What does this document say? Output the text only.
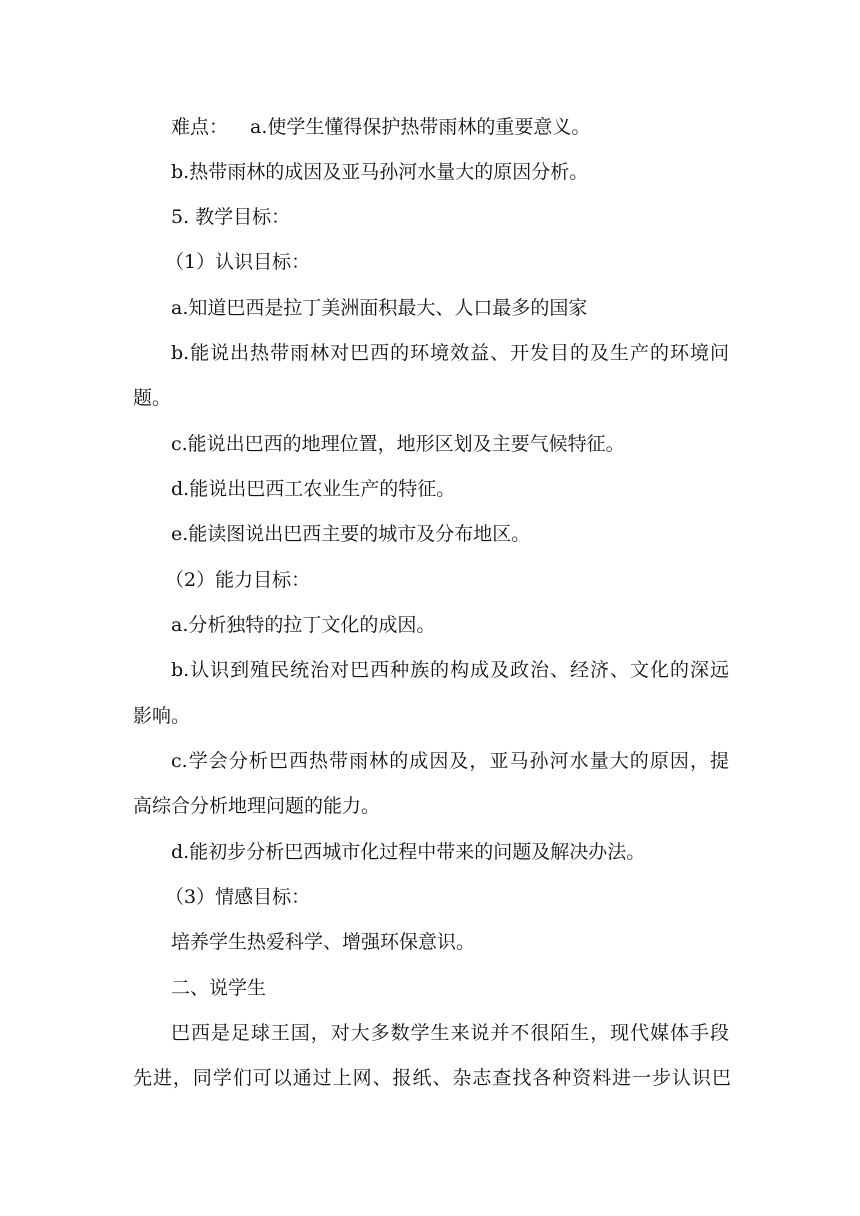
难点： a.使学生懂得保护热带雨林的重要意义。
b.热带雨林的成因及亚马孙河水量大的原因分析。
5. 教学目标：
（1）认识目标：
a.知道巴西是拉丁美洲面积最大、人口最多的国家
b.能说出热带雨林对巴西的环境效益、开发目的及生产的环境问
题。
c.能说出巴西的地理位置，地形区划及主要气候特征。
d.能说出巴西工农业生产的特征。
e.能读图说出巴西主要的城市及分布地区。
（2）能力目标：
a.分析独特的拉丁文化的成因。
b.认识到殖民统治对巴西种族的构成及政治、经济、文化的深远
影响。
c.学会分析巴西热带雨林的成因及，亚马孙河水量大的原因，提
高综合分析地理问题的能力。
d.能初步分析巴西城市化过程中带来的问题及解决办法。
（3）情感目标：
培养学生热爱科学、增强环保意识。
二、说学生
巴西是足球王国，对大多数学生来说并不很陌生，现代媒体手段
先进，同学们可以通过上网、报纸、杂志查找各种资料进一步认识巴
